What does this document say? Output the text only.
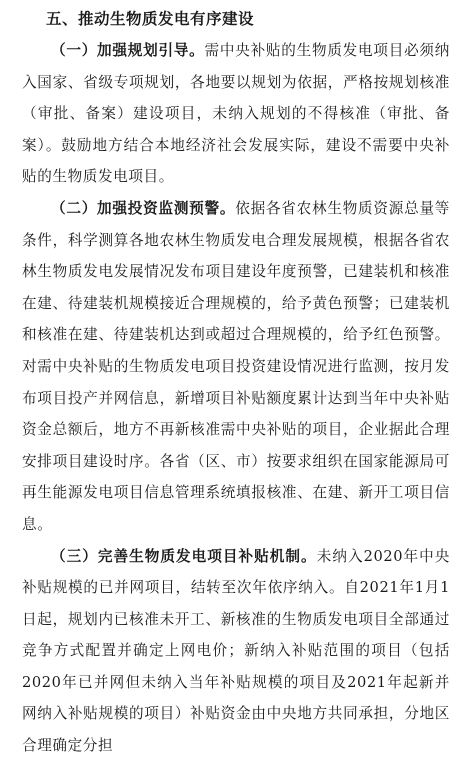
五、推动生物质发电有序建设

（一）加强规划引导。需中央补贴的生物质发电项目必须纳入国家、省级专项规划，各地要以规划为依据，严格按规划核准（审批、备案）建设项目，未纳入规划的不得核准（审批、备案）。鼓励地方结合本地经济社会发展实际，建设不需要中央补贴的生物质发电项目。

（二）加强投资监测预警。依据各省农林生物质资源总量等条件，科学测算各地农林生物质发电合理发展规模，根据各省农林生物质发电发展情况发布项目建设年度预警，已建装机和核准在建、待建装机规模接近合理规模的，给予黄色预警；已建装机和核准在建、待建装机达到或超过合理规模的，给予红色预警。对需中央补贴的生物质发电项目投资建设情况进行监测，按月发布项目投产并网信息，新增项目补贴额度累计达到当年中央补贴资金总额后，地方不再新核准需中央补贴的项目，企业据此合理安排项目建设时序。各省（区、市）按要求组织在国家能源局可再生能源发电项目信息管理系统填报核准、在建、新开工项目信息。

（三）完善生物质发电项目补贴机制。未纳入2020年中央补贴规模的已并网项目，结转至次年依序纳入。自2021年1月1日起，规划内已核准未开工、新核准的生物质发电项目全部通过竞争方式配置并确定上网电价；新纳入补贴范围的项目（包括2020年已并网但未纳入当年补贴规模的项目及2021年起新并网纳入补贴规模的项目）补贴资金由中央地方共同承担，分地区合理确定分担
